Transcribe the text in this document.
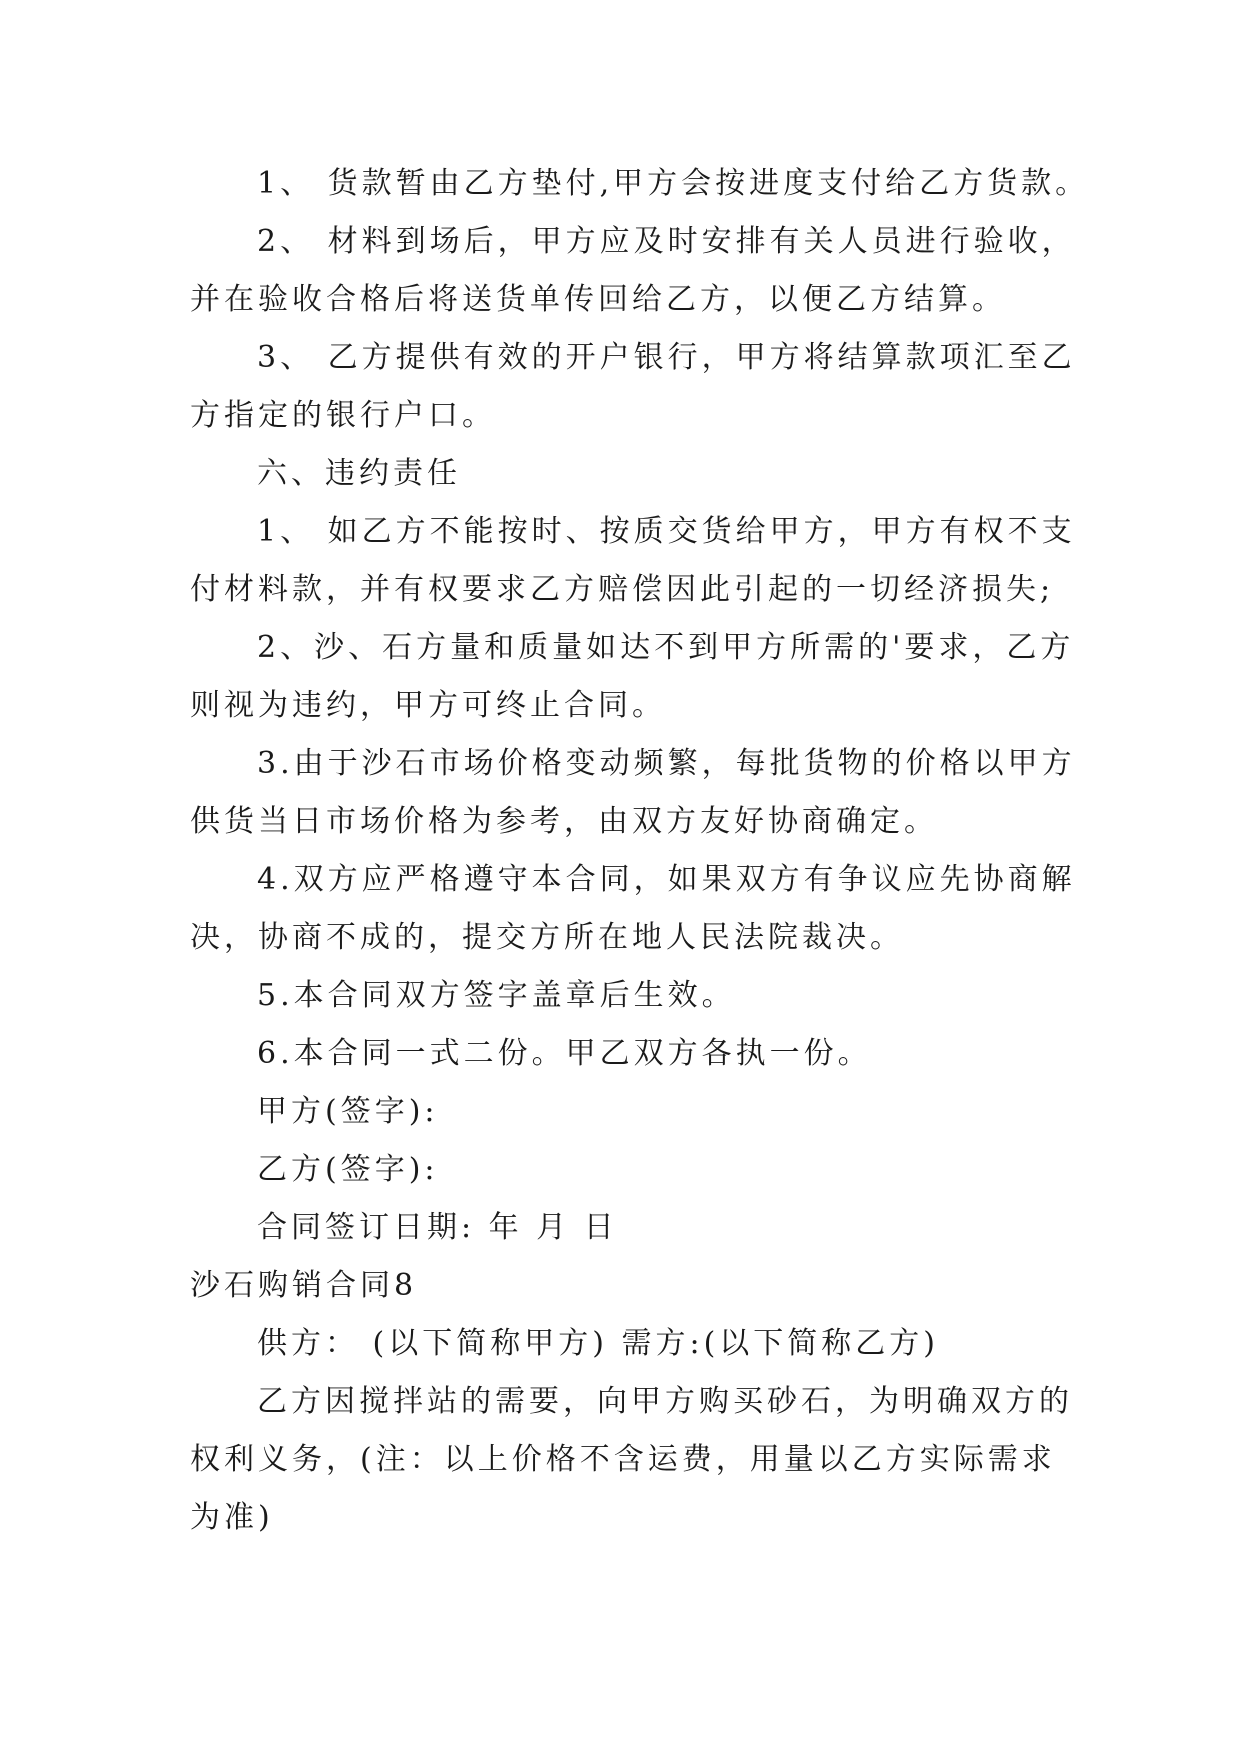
1、 货款暂由乙方垫付,甲方会按进度支付给乙方货款。
2、 材料到场后，甲方应及时安排有关人员进行验收，
并在验收合格后将送货单传回给乙方，以便乙方结算。
3、 乙方提供有效的开户银行，甲方将结算款项汇至乙
方指定的银行户口。
六、违约责任
1、 如乙方不能按时、按质交货给甲方，甲方有权不支
付材料款，并有权要求乙方赔偿因此引起的一切经济损失;
2、沙、石方量和质量如达不到甲方所需的'要求，乙方
则视为违约，甲方可终止合同。
3.由于沙石市场价格变动频繁，每批货物的价格以甲方
供货当日市场价格为参考，由双方友好协商确定。
4.双方应严格遵守本合同，如果双方有争议应先协商解
决，协商不成的，提交方所在地人民法院裁决。
5.本合同双方签字盖章后生效。
6.本合同一式二份。甲乙双方各执一份。
甲方(签字):
乙方(签字):
合同签订日期: 年 月 日
沙石购销合同8
供方： (以下简称甲方) 需方:(以下简称乙方)
乙方因搅拌站的需要，向甲方购买砂石，为明确双方的
权利义务，(注：以上价格不含运费，用量以乙方实际需求
为准)
